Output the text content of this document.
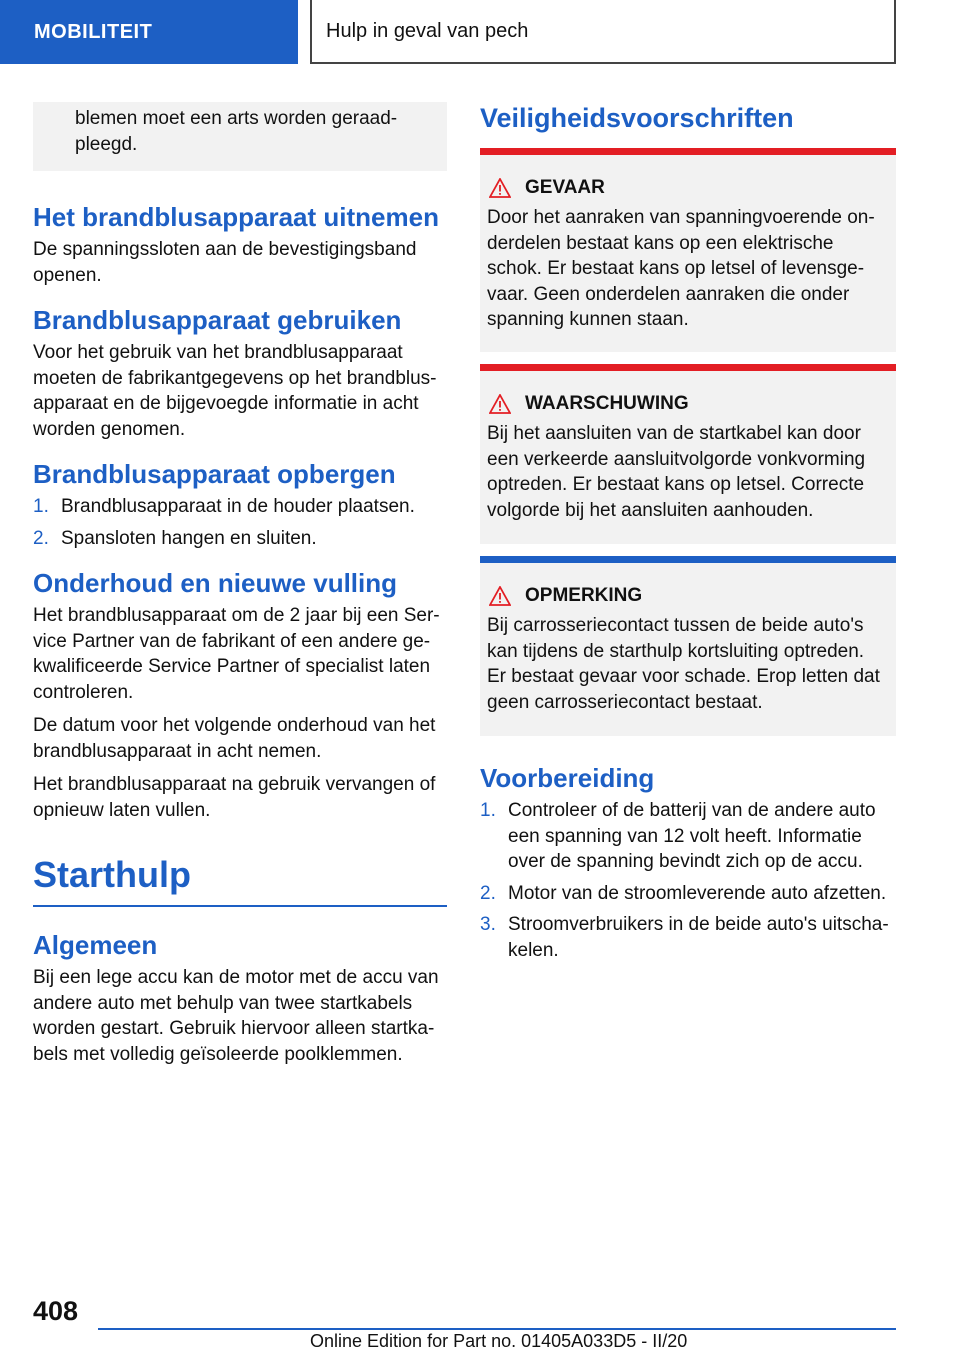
MOBILITEIT	Hulp in geval van pech

blemen moet een arts worden geraad-pleegd.

Het brandblusapparaat uitnemen

De spanningssloten aan de bevestigingsband openen.

Brandblusapparaat gebruiken

Voor het gebruik van het brandblusapparaat moeten de fabrikantgegevens op het brandblus-apparaat en de bijgevoegde informatie in acht worden genomen.

Brandblusapparaat opbergen
1. Brandblusapparaat in de houder plaatsen.
2. Spansloten hangen en sluiten.
Onderhoud en nieuwe vulling

Het brandblusapparaat om de 2 jaar bij een Ser-vice Partner van de fabrikant of een andere ge-kwalificeerde Service Partner of specialist laten controleren.

De datum voor het volgende onderhoud van het brandblusapparaat in acht nemen.

Het brandblusapparaat na gebruik vervangen of opnieuw laten vullen.

Starthulp
Algemeen

Bij een lege accu kan de motor met de accu van andere auto met behulp van twee startkabels worden gestart. Gebruik hiervoor alleen startka-bels met volledig geïsoleerde poolklemmen.

Veiligheidsvoorschriften
GEVAAR

Door het aanraken van spanningvoerende on-derdelen bestaat kans op een elektrische schok. Er bestaat kans op letsel of levensge-vaar. Geen onderdelen aanraken die onder spanning kunnen staan.

WAARSCHUWING

Bij het aansluiten van de startkabel kan door een verkeerde aansluitvolgorde vonkvorming optreden. Er bestaat kans op letsel. Correcte volgorde bij het aansluiten aanhouden.

OPMERKING

Bij carrosseriecontact tussen de beide auto's kan tijdens de starthulp kortsluiting optreden. Er bestaat gevaar voor schade. Erop letten dat geen carrosseriecontact bestaat.

Voorbereiding
1. Controleer of de batterij van de andere auto een spanning van 12 volt heeft. Informatie over de spanning bevindt zich op de accu.
2. Motor van de stroomleverende auto afzetten.
3. Stroomverbruikers in de beide auto's uitscha-kelen.
408
Online Edition for Part no. 01405A033D5 - II/20
